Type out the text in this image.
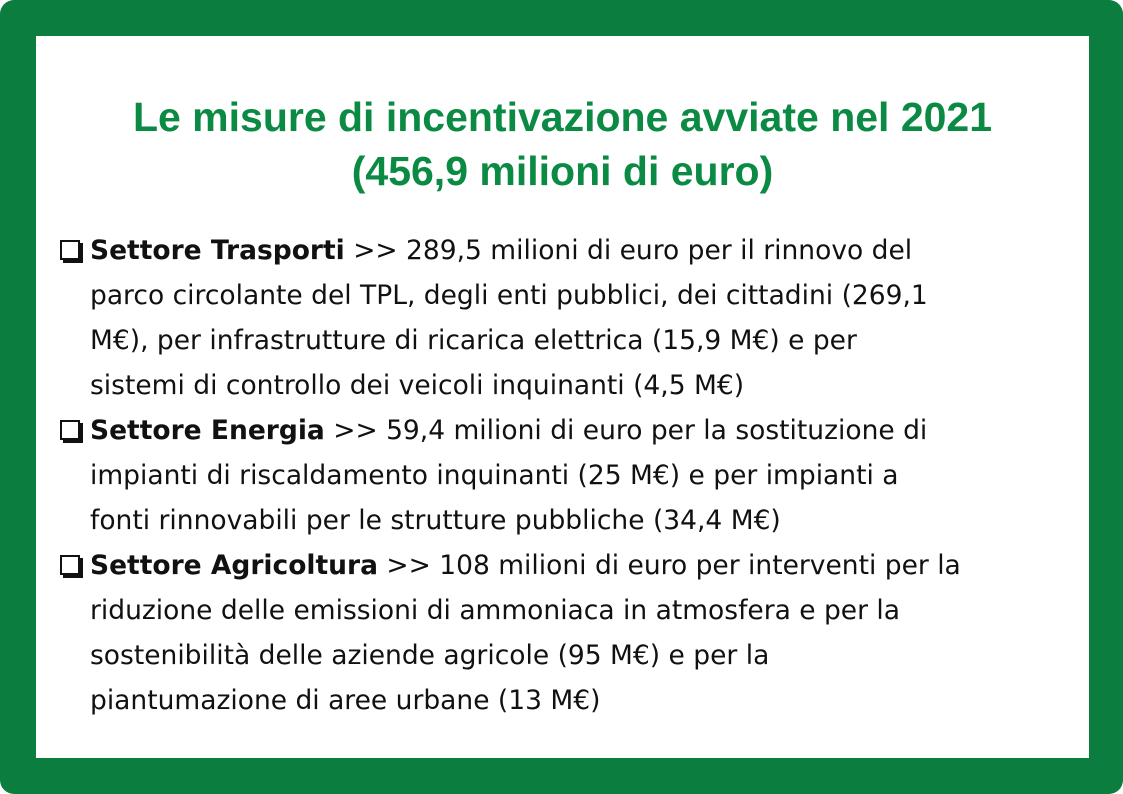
Le misure di incentivazione avviate nel 2021
(456,9 milioni di euro)
Settore Trasporti >> 289,5 milioni di euro per il rinnovo del
parco circolante del TPL, degli enti pubblici, dei cittadini (269,1
M€), per infrastrutture di ricarica elettrica (15,9 M€) e per
sistemi di controllo dei veicoli inquinanti (4,5 M€)
Settore Energia >> 59,4 milioni di euro per la sostituzione di
impianti di riscaldamento inquinanti (25 M€) e per impianti a
fonti rinnovabili per le strutture pubbliche (34,4 M€)
Settore Agricoltura >> 108 milioni di euro per interventi per la
riduzione delle emissioni di ammoniaca in atmosfera e per la
sostenibilità delle aziende agricole (95 M€) e per la
piantumazione di aree urbane (13 M€)
